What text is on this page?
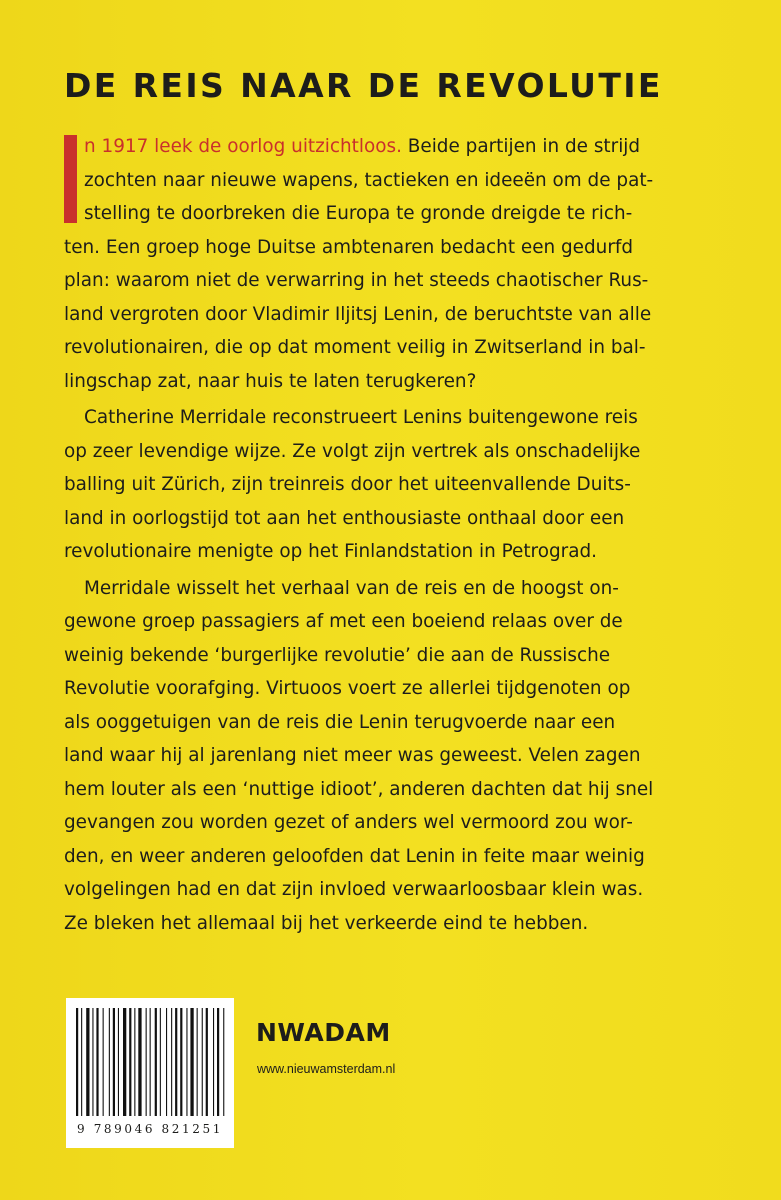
DE REIS NAAR DE REVOLUTIE

n 1917 leek de oorlog uitzichtloos. Beide partijen in de strijd
zochten naar nieuwe wapens, tactieken en ideeën om de pat-
stelling te doorbreken die Europa te gronde dreigde te rich-
ten. Een groep hoge Duitse ambtenaren bedacht een gedurfd
plan: waarom niet de verwarring in het steeds chaotischer Rus-
land vergroten door Vladimir Iljitsj Lenin, de beruchtste van alle
revolutionairen, die op dat moment veilig in Zwitserland in bal-
lingschap zat, naar huis te laten terugkeren?

Catherine Merridale reconstrueert Lenins buitengewone reis
op zeer levendige wijze. Ze volgt zijn vertrek als onschadelijke
balling uit Zürich, zijn treinreis door het uiteenvallende Duits-
land in oorlogstijd tot aan het enthousiaste onthaal door een
revolutionaire menigte op het Finlandstation in Petrograd.

Merridale wisselt het verhaal van de reis en de hoogst on-
gewone groep passagiers af met een boeiend relaas over de
weinig bekende ‘burgerlijke revolutie’ die aan de Russische
Revolutie voorafging. Virtuoos voert ze allerlei tijdgenoten op
als ooggetuigen van de reis die Lenin terugvoerde naar een
land waar hij al jarenlang niet meer was geweest. Velen zagen
hem louter als een ‘nuttige idioot’, anderen dachten dat hij snel
gevangen zou worden gezet of anders wel vermoord zou wor-
den, en weer anderen geloofden dat Lenin in feite maar weinig
volgelingen had en dat zijn invloed verwaarloosbaar klein was.
Ze bleken het allemaal bij het verkeerde eind te hebben.

9 789046 821251
NWADAM
www.nieuwamsterdam.nl
